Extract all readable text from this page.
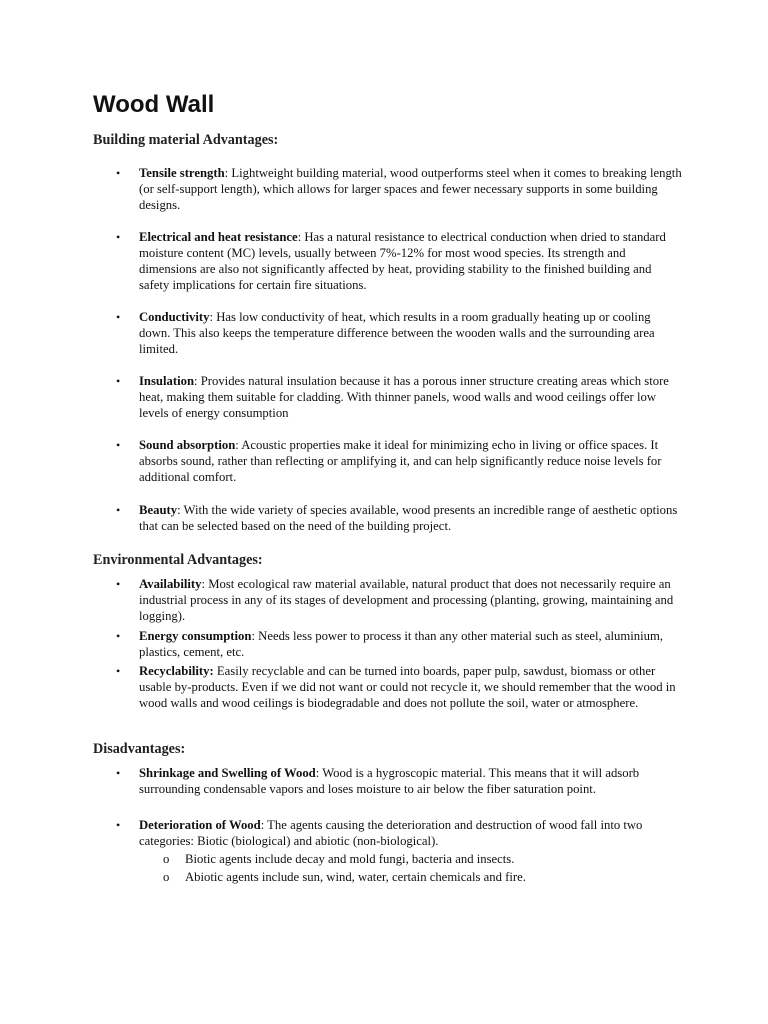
Wood Wall

Building material Advantages:

• Tensile strength: Lightweight building material, wood outperforms steel when it comes to breaking length (or self-support length), which allows for larger spaces and fewer necessary supports in some building designs.

• Electrical and heat resistance: Has a natural resistance to electrical conduction when dried to standard moisture content (MC) levels, usually between 7%-12% for most wood species. Its strength and dimensions are also not significantly affected by heat, providing stability to the finished building and safety implications for certain fire situations.

• Conductivity: Has low conductivity of heat, which results in a room gradually heating up or cooling down. This also keeps the temperature difference between the wooden walls and the surrounding area limited.

• Insulation: Provides natural insulation because it has a porous inner structure creating areas which store heat, making them suitable for cladding. With thinner panels, wood walls and wood ceilings offer low levels of energy consumption

• Sound absorption: Acoustic properties make it ideal for minimizing echo in living or office spaces. It absorbs sound, rather than reflecting or amplifying it, and can help significantly reduce noise levels for additional comfort.

• Beauty: With the wide variety of species available, wood presents an incredible range of aesthetic options that can be selected based on the need of the building project.

Environmental Advantages:

• Availability: Most ecological raw material available, natural product that does not necessarily require an industrial process in any of its stages of development and processing (planting, growing, maintaining and logging).

• Energy consumption: Needs less power to process it than any other material such as steel, aluminium, plastics, cement, etc.

• Recyclability: Easily recyclable and can be turned into boards, paper pulp, sawdust, biomass or other usable by-products. Even if we did not want or could not recycle it, we should remember that the wood in wood walls and wood ceilings is biodegradable and does not pollute the soil, water or atmosphere.

Disadvantages:

• Shrinkage and Swelling of Wood: Wood is a hygroscopic material. This means that it will adsorb surrounding condensable vapors and loses moisture to air below the fiber saturation point.

• Deterioration of Wood: The agents causing the deterioration and destruction of wood fall into two categories: Biotic (biological) and abiotic (non-biological).

o Biotic agents include decay and mold fungi, bacteria and insects.

o Abiotic agents include sun, wind, water, certain chemicals and fire.
